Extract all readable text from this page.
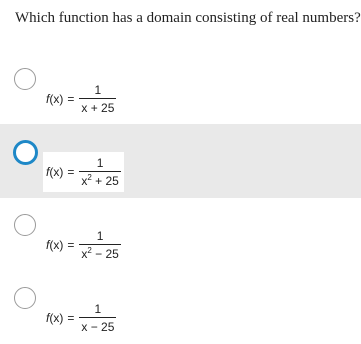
Which function has a domain consisting of real numbers?
$f(x) = \frac{1}{x + 25}$
$f(x) = \frac{1}{x^2 + 25}$
$f(x) = \frac{1}{x^2 - 25}$
$f(x) = \frac{1}{x - 25}$
